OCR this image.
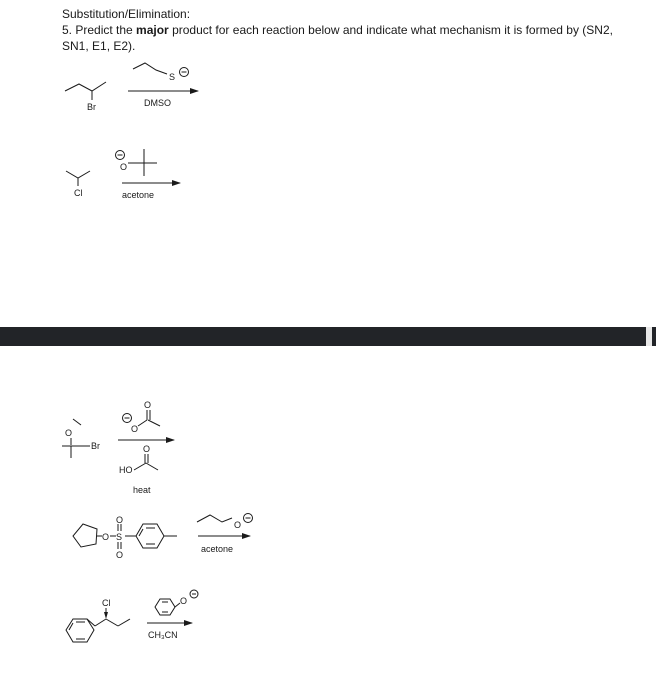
Substitution/Elimination:

5. Predict the major product for each reaction below and indicate what mechanism it is formed by (SN2, SN1, E1, E2).

Br
S
DMSO
Cl
O
acetone
O
Br
O
O
O
HO
heat
O S
O
O
O
acetone
Cl	O
CH₃CN
